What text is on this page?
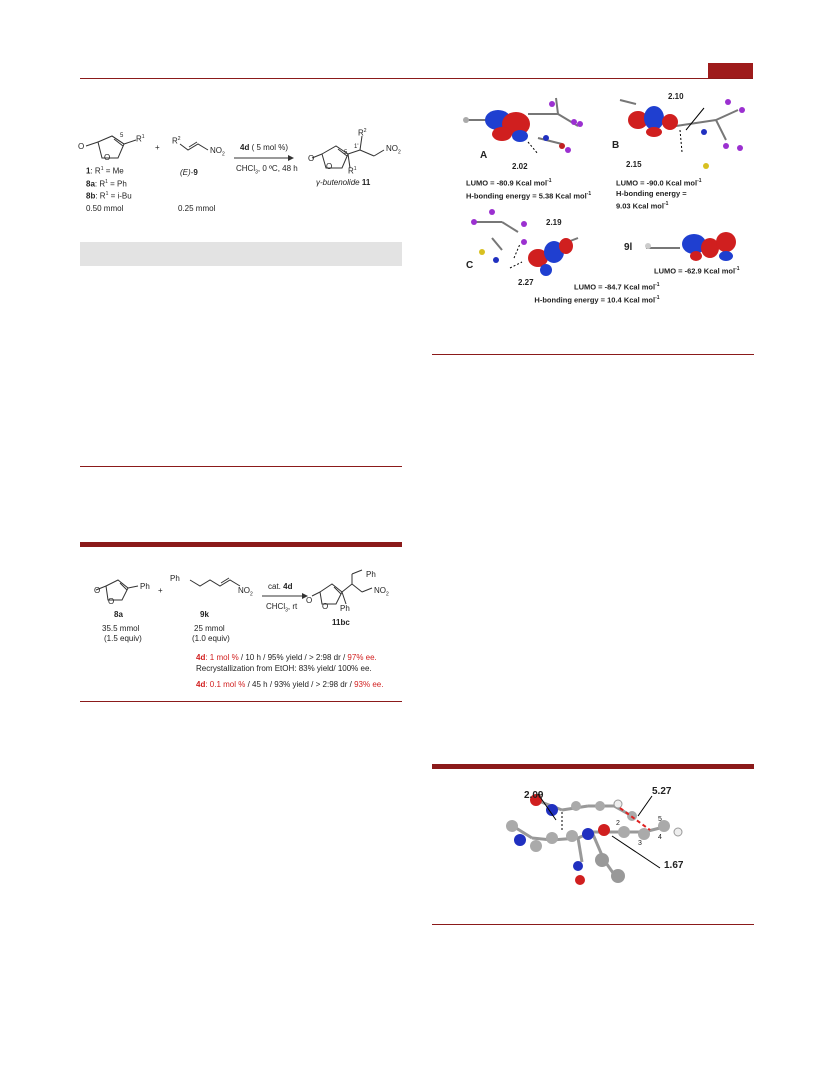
O
O
5 $R^1$
1: $R^1 = Me$
8a: $R^1 = Ph$
8b: $R^1 = i-Bu$
0.50 mmol
+
$R^2$
$NO_2$
(E)-9
0.25 mmol
4d ( 5 mol %)
CHCl$_3$, 0 ºC, 48 h
O
O
5
1'
$R^2$
$R^1$
$NO_2$
γ-butenolide 11
O
O
Ph
8a
35.5 mmol
(1.5 equiv)
+
Ph
$NO_2$
9k
25 mmol
(1.0 equiv)
cat. 4d
CHCl$_3$, rt
O
O
Ph
Ph
$NO_2$
11bc
4d: 1 mol % / 10 h / 95% yield / > 2:98 dr / 97% ee.
Recrystallization from EtOH: 83% yield/ 100% ee.
4d: 0.1 mol % / 45 h / 93% yield / > 2:98 dr / 93% ee.
A
2.02
LUMO = -80.9 Kcal mol$^{-1}$
H-bonding energy = 5.38 Kcal mol$^{-1}$
2.10
B
2.15
LUMO = -90.0 Kcal mol$^{-1}$
H-bonding energy =
9.03 Kcal mol$^{-1}$
2.19
C
2.27
9l
LUMO = -62.9 Kcal mol$^{-1}$
LUMO = -84.7 Kcal mol$^{-1}$
H-bonding energy = 10.4 Kcal mol$^{-1}$
2.09	5.27
1.67
2
3
4
5
